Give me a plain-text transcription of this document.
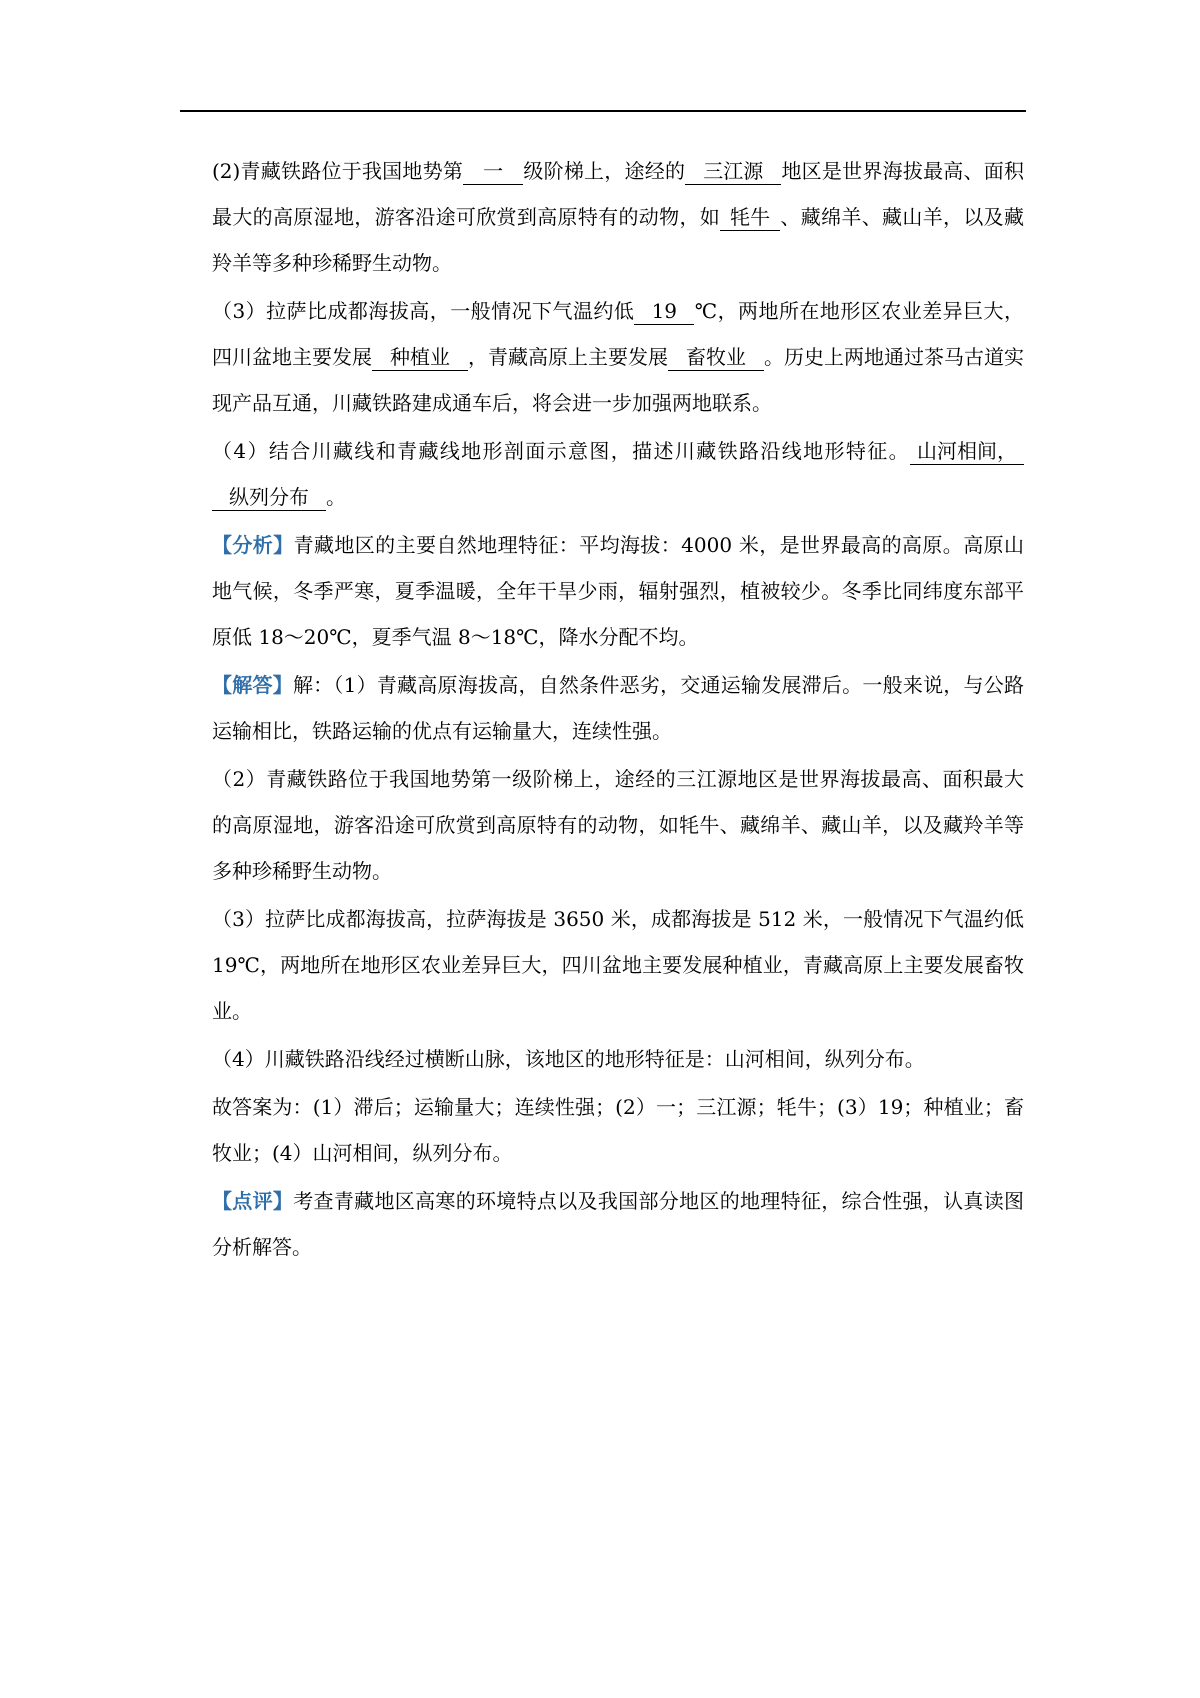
(2)青藏铁路位于我国地势第 一 级阶梯上，途经的 三江源 地区是世界海拔最高、面积最大的高原湿地，游客沿途可欣赏到高原特有的动物，如 牦牛 、藏绵羊、藏山羊，以及藏羚羊等多种珍稀野生动物。

（3）拉萨比成都海拔高，一般情况下气温约低 19 ℃，两地所在地形区农业差异巨大，四川盆地主要发展 种植业 ，青藏高原上主要发展 畜牧业 。历史上两地通过茶马古道实现产品互通，川藏铁路建成通车后，将会进一步加强两地联系。

（4）结合川藏线和青藏线地形剖面示意图，描述川藏铁路沿线地形特征。 山河相间，纵列分布 。

【分析】青藏地区的主要自然地理特征：平均海拔：4000 米，是世界最高的高原。高原山地气候，冬季严寒，夏季温暖，全年干旱少雨，辐射强烈，植被较少。冬季比同纬度东部平原低 18～20℃，夏季气温 8～18℃，降水分配不均。

【解答】解：（1）青藏高原海拔高，自然条件恶劣，交通运输发展滞后。一般来说，与公路运输相比，铁路运输的优点有运输量大，连续性强。

（2）青藏铁路位于我国地势第一级阶梯上，途经的三江源地区是世界海拔最高、面积最大的高原湿地，游客沿途可欣赏到高原特有的动物，如牦牛、藏绵羊、藏山羊，以及藏羚羊等多种珍稀野生动物。

（3）拉萨比成都海拔高，拉萨海拔是 3650 米，成都海拔是 512 米，一般情况下气温约低 19℃，两地所在地形区农业差异巨大，四川盆地主要发展种植业，青藏高原上主要发展畜牧业。

（4）川藏铁路沿线经过横断山脉，该地区的地形特征是：山河相间，纵列分布。

故答案为：(1）滞后；运输量大；连续性强；(2）一；三江源；牦牛；(3）19；种植业；畜牧业；(4）山河相间，纵列分布。

【点评】考查青藏地区高寒的环境特点以及我国部分地区的地理特征，综合性强，认真读图分析解答。
